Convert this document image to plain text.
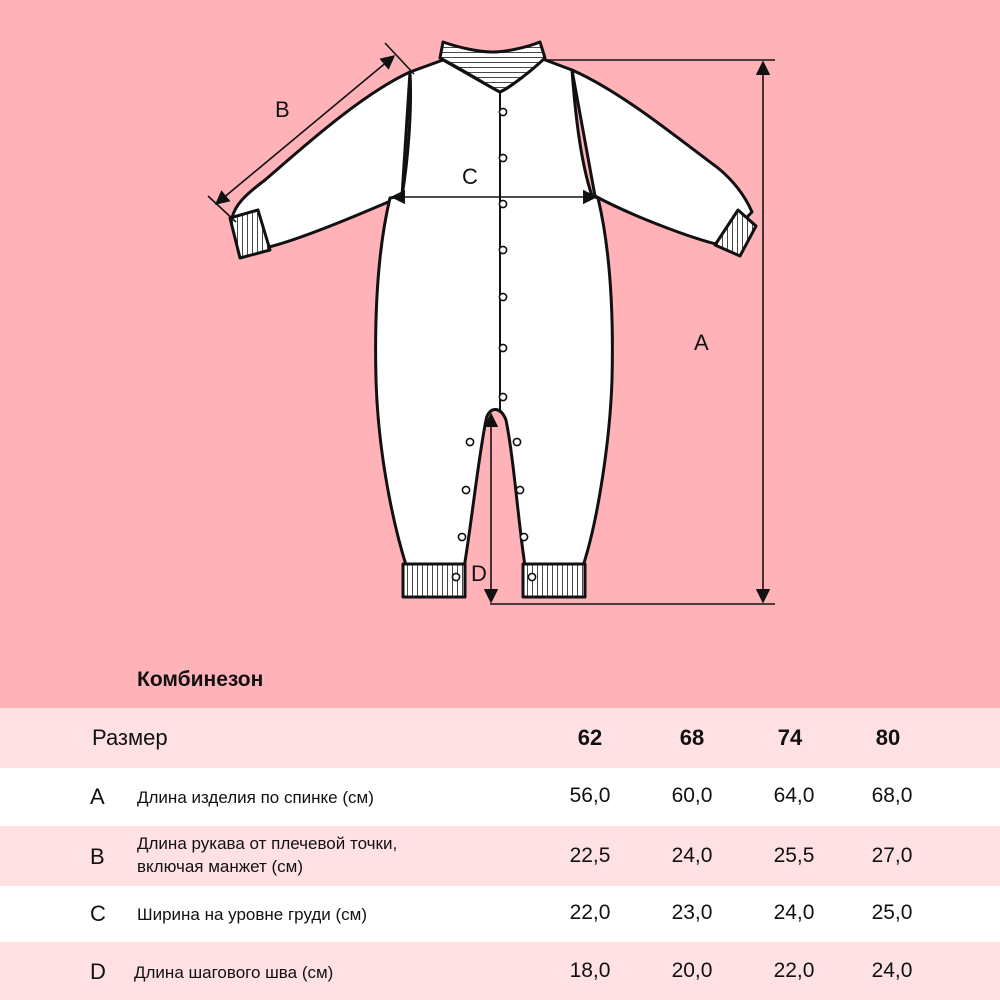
B
C
A
D
Комбинезон
Размер	62	68	74	80
A Длина изделия по спинке (см)	56,0	60,0	64,0	68,0
B
Длина рукава от плечевой точки,
включая манжет (см)	22,5	24,0	25,5	27,0
C Ширина на уровне груди (см)	22,0	23,0	24,0	25,0
D Длина шагового шва (см)	18,0	20,0	22,0	24,0
